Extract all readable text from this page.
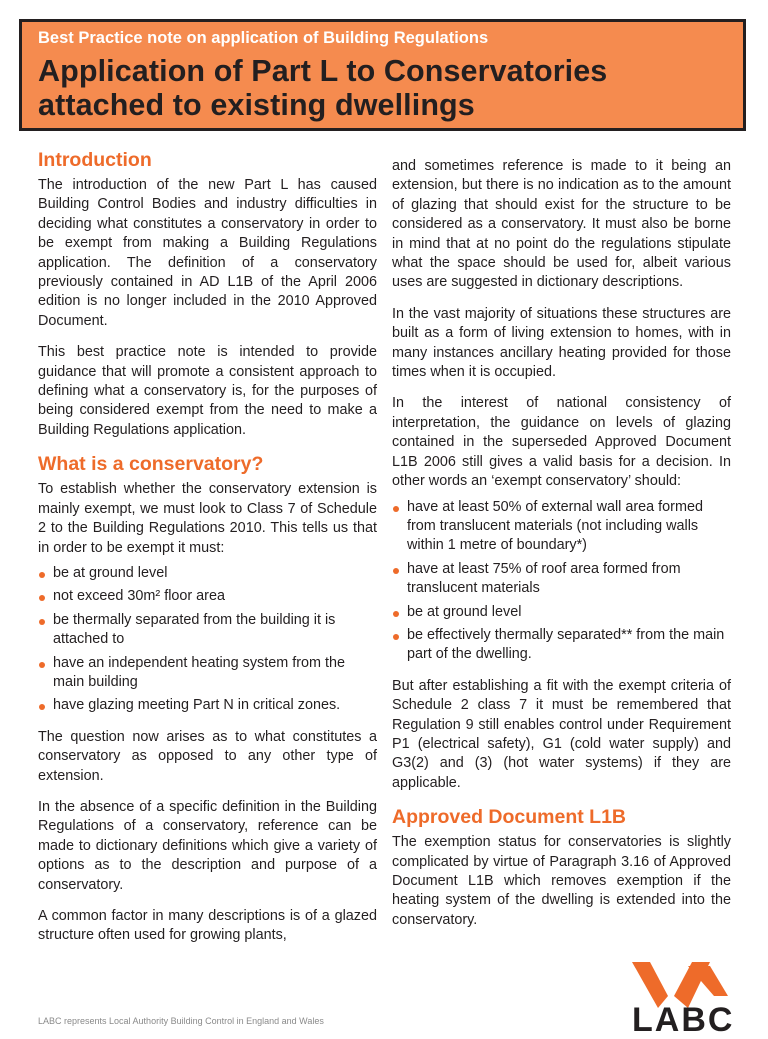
Best Practice note on application of Building Regulations

Application of Part L to Conservatories

attached to existing dwellings

Introduction

The introduction of the new Part L has caused Building Control Bodies and industry difficulties in deciding what constitutes a conservatory in order to be exempt from making a Building Regulations application. The definition of a conservatory previously contained in AD L1B of the April 2006 edition is no longer included in the 2010 Approved Document.

This best practice note is intended to provide guidance that will promote a consistent approach to defining what a conservatory is, for the purposes of being considered exempt from the need to make a Building Regulations application.

What is a conservatory?

To establish whether the conservatory extension is mainly exempt, we must look to Class 7 of Schedule 2 to the Building Regulations 2010. This tells us that in order to be exempt it must:

be at ground level
not exceed 30m² floor area
be thermally separated from the building it is attached to
have an independent heating system from the main building
have glazing meeting Part N in critical zones.

The question now arises as to what constitutes a conservatory as opposed to any other type of extension.

In the absence of a specific definition in the Building Regulations of a conservatory, reference can be made to dictionary definitions which give a variety of options as to the description and purpose of a conservatory.

A common factor in many descriptions is of a glazed structure often used for growing plants,

and sometimes reference is made to it being an extension, but there is no indication as to the amount of glazing that should exist for the structure to be considered as a conservatory. It must also be borne in mind that at no point do the regulations stipulate what the space should be used for, albeit various uses are suggested in dictionary descriptions.

In the vast majority of situations these structures are built as a form of living extension to homes, with in many instances ancillary heating provided for those times when it is occupied.

In the interest of national consistency of interpretation, the guidance on levels of glazing contained in the superseded Approved Document L1B 2006 still gives a valid basis for a decision. In other words an ‘exempt conservatory’ should:

have at least 50% of external wall area formed from translucent materials (not including walls within 1 metre of boundary*)
have at least 75% of roof area formed from translucent materials
be at ground level
be effectively thermally separated** from the main part of the dwelling.

But after establishing a fit with the exempt criteria of Schedule 2 class 7 it must be remembered that Regulation 9 still enables control under Requirement P1 (electrical safety), G1 (cold water supply) and G3(2) and (3) (hot water systems) if they are applicable.

Approved Document L1B

The exemption status for conservatories is slightly complicated by virtue of Paragraph 3.16 of Approved Document L1B which removes exemption if the heating system of the dwelling is extended into the conservatory.

LABC represents Local Authority Building Control in England and Wales	LABC
